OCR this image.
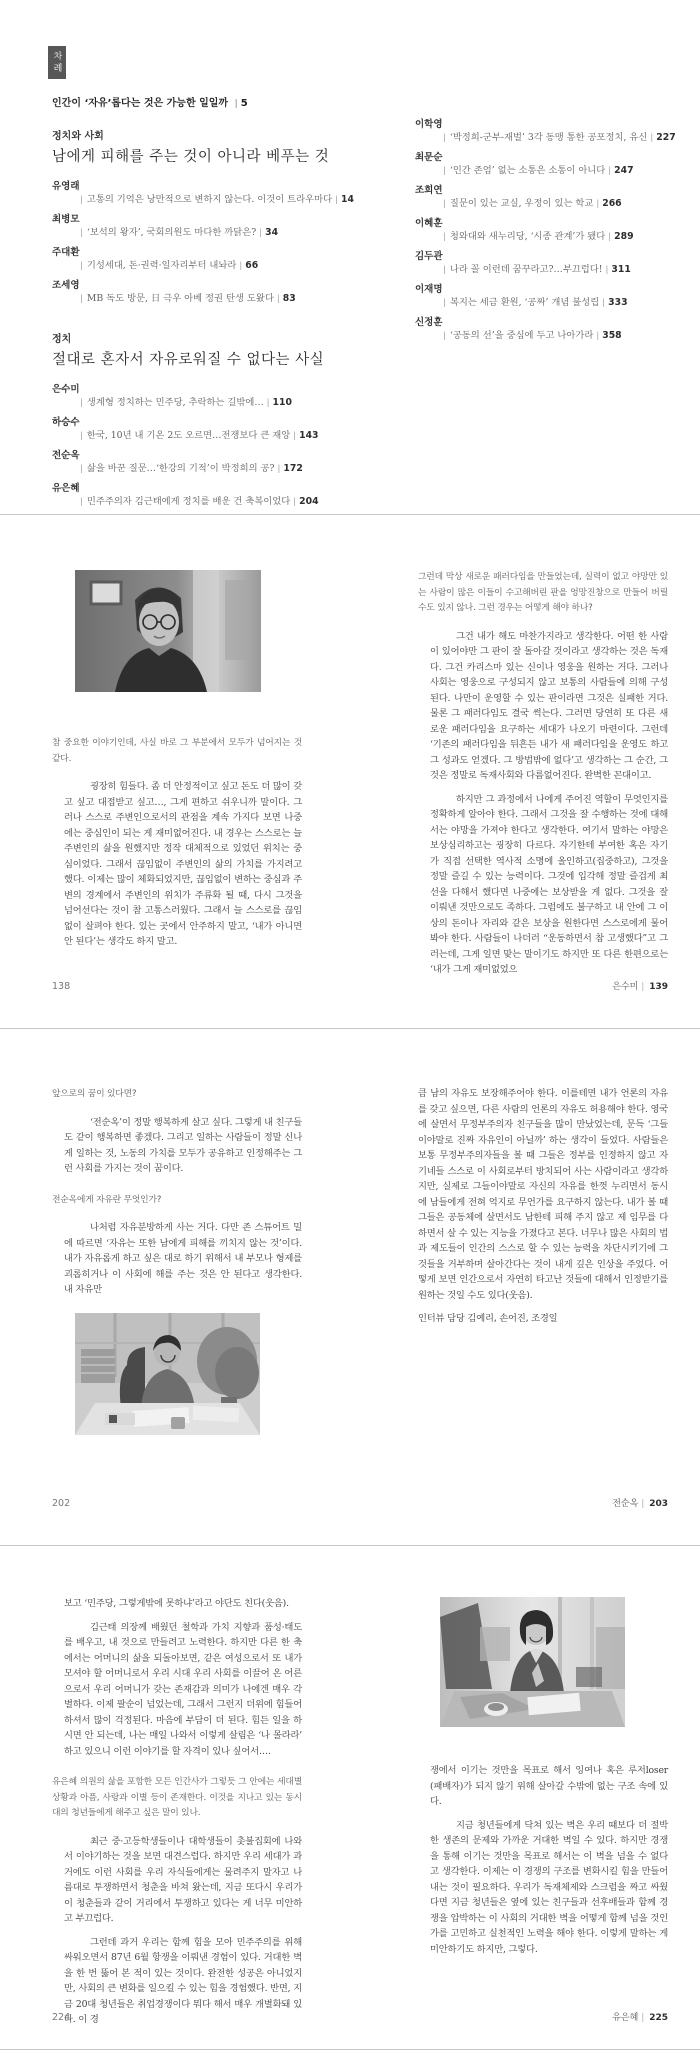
차례

인간이 ‘자유’롭다는 것은 가능한 일일까 | 5

정치와 사회

남에게 피해를 주는 것이 아니라 베푸는 것
유영래
| 고통의 기억은 낭만적으로 변하지 않는다. 이것이 트라우마다 | 14
최병모
| ‘보석의 왕자’, 국회의원도 마다한 까닭은? | 34
주대환
| 기성세대, 돈·권력·일자리부터 내놔라 | 66
조세영
| MB 독도 방문, 日 극우 아베 정권 탄생 도왔다 | 83

정치

절대로 혼자서 자유로워질 수 없다는 사실
은수미
| 생계형 정치하는 민주당, 추락하는 길밖에… | 110
하승수
| 한국, 10년 내 기온 2도 오르면…전쟁보다 큰 재앙 | 143
전순옥
| 삶을 바꾼 질문…‘한강의 기적’이 박정희의 공? | 172
유은혜
| 민주주의자 김근태에게 정치를 배운 건 축복이었다 | 204
이학영
| ‘박정희-군부-재벌’ 3각 동맹 통한 공포정치, 유신 | 227
최문순
| ‘인간 존엄’ 없는 소통은 소통이 아니다 | 247
조희연
| 질문이 있는 교실, 우정이 있는 학교 | 266
이혜훈
| 청와대와 새누리당, ‘시종 관계’가 됐다 | 289
김두관
| 나라 꼴 이런데 꿈꾸라고?…부끄럽다! | 311
이재명
| 복지는 세금 환원, ‘공짜’ 개념 불성립 | 333
신정훈
| ‘공동의 선’을 중심에 두고 나아가라 | 358

참 중요한 이야기인데, 사실 바로 그 부분에서 모두가 넘어지는 것 같다.

굉장히 힘들다. 좀 더 안정적이고 싶고 돈도 더 많이 갖고 싶고 대접받고 싶고…, 그게 편하고 쉬우니까 말이다. 그러나 스스로 주변인으로서의 관점을 계속 가지다 보면 나중에는 중심인이 되는 게 재미없어진다. 내 경우는 스스로는 늘 주변인의 삶을 원했지만 정작 대체적으로 있었던 위치는 중심이었다. 그래서 끊임없이 주변인의 삶의 가치를 가지려고 했다. 이제는 많이 체화되었지만, 끊임없이 변하는 중심과 주변의 경계에서 주변인의 위치가 주류화 될 때, 다시 그것을 넘어선다는 것이 참 고통스러웠다. 그래서 늘 스스로를 끊임없이 살펴야 한다. 있는 곳에서 안주하지 말고, ‘내가 아니면 안 된다’는 생각도 하지 말고.

138

그런데 막상 새로운 패러다임을 만들었는데, 실력이 없고 야망만 있는 사람이 많은 이들이 수고해버린 판을 엉망진창으로 만들어 버릴 수도 있지 않나. 그런 경우는 어떻게 해야 하나?

그건 내가 해도 마찬가지라고 생각한다. 어떤 한 사람이 있어야만 그 판이 잘 돌아갈 것이라고 생각하는 것은 독재다. 그건 카리스마 있는 신이나 영웅을 원하는 거다. 그러나 사회는 영웅으로 구성되지 않고 보통의 사람들에 의해 구성된다. 나만이 운영할 수 있는 판이라면 그것은 실패한 거다. 물론 그 패러다임도 결국 썩는다. 그러면 당연히 또 다른 새로운 패러다임을 요구하는 세대가 나오기 마련이다. 그런데 ‘기존의 패러다임을 뒤흔든 내가 새 패러다임을 운영도 하고 그 성과도 얻겠다. 그 방법밖에 없다’고 생각하는 그 순간, 그것은 정말로 독재사회와 다름없어진다. 완벽한 꼰대이고.

하지만 그 과정에서 나에게 주어진 역할이 무엇인지를 정확하게 알아야 한다. 그래서 그것을 잘 수행하는 것에 대해서는 야망을 가져야 한다고 생각한다. 여기서 말하는 야망은 보상심리하고는 굉장히 다르다. 자기한테 부여한 혹은 자기가 직접 선택한 역사적 소명에 올인하고(집중하고), 그것을 정말 즐길 수 있는 능력이다. 그것에 입각해 정말 즐겁게 최선을 다해서 했다면 나중에는 보상받을 게 없다. 그것을 잘 이뤄낸 것만으로도 족하다. 그럼에도 불구하고 내 안에 그 이상의 돈이나 자리와 같은 보상을 원한다면 스스로에게 물어봐야 한다. 사람들이 나더러 “운동하면서 참 고생했다”고 그러는데, 그게 일면 맞는 말이기도 하지만 또 다른 한편으로는 ‘내가 그게 재미없었으

은수미 | 139

앞으로의 꿈이 있다면?

‘전순옥’이 정말 행복하게 살고 싶다. 그렇게 내 친구들도 같이 행복하면 좋겠다. 그리고 일하는 사람들이 정말 신나게 일하는 것, 노동의 가치를 모두가 공유하고 인정해주는 그런 사회를 가지는 것이 꿈이다.

전순옥에게 자유란 무엇인가?

나처럼 자유분방하게 사는 거다. 다만 존 스튜어트 밀에 따르면 ‘자유는 또한 남에게 피해를 끼치지 않는 것’이다. 내가 자유롭게 하고 싶은 대로 하기 위해서 내 부모나 형제를 괴롭히거나 이 사회에 해를 주는 것은 안 된다고 생각한다. 내 자유만

202

큼 남의 자유도 보장해주어야 한다. 이를테면 내가 언론의 자유를 갖고 싶으면, 다른 사람의 언론의 자유도 허용해야 한다. 영국에 살면서 무정부주의자 친구들을 많이 만났었는데, 문득 ‘그들이야말로 진짜 자유인이 아닐까’ 하는 생각이 들었다. 사람들은 보통 무정부주의자들을 볼 때 그들은 정부를 인정하지 않고 자기네들 스스로 이 사회로부터 방치되어 사는 사람이라고 생각하지만, 실제로 그들이야말로 자신의 자유를 한껏 누리면서 동시에 남들에게 전혀 억지로 무언가를 요구하지 않는다. 내가 볼 때 그들은 공동체에 살면서도 남한테 피해 주지 않고 제 임무를 다 하면서 살 수 있는 지능을 가졌다고 본다. 너무나 많은 사회의 법과 제도들이 인간의 스스로 할 수 있는 능력을 차단시키기에 그것들을 거부하며 살아간다는 것이 내게 깊은 인상을 주었다. 어떻게 보면 인간으로서 자연히 타고난 것들에 대해서 인정받기를 원하는 것일 수도 있다(웃음).

인터뷰 담당 김예리, 손어진, 조경일

전순옥 | 203

보고 ‘민주당, 그렇게밖에 못하냐’라고 야단도 친다(웃음).

김근태 의장께 배웠던 철학과 가치 지향과 품성·태도를 배우고, 내 것으로 만들려고 노력한다. 하지만 다른 한 축에서는 어머니의 삶을 되돌아보면, 같은 여성으로서 또 내가 모셔야 할 어머니로서 우리 시대 우리 사회를 이끌어 온 어른으로서 우리 어머니가 갖는 존재감과 의미가 나에겐 매우 각별하다. 이제 팔순이 넘었는데, 그래서 그런지 더위에 힘들어하셔서 많이 걱정된다. 마음에 부담이 더 된다. 힘든 일을 하시면 안 되는데, 나는 매일 나와서 이렇게 살림은 ‘나 몰라라’ 하고 있으니 이런 이야기를 할 자격이 있나 싶어서….

유은혜 의원의 삶을 포함한 모든 인간사가 그렇듯 그 안에는 세대별 상황과 아픔, 사랑과 이별 등이 존재한다. 이것을 지나고 있는 동시대의 청년들에게 해주고 싶은 말이 있나.

최근 중·고등학생들이나 대학생들이 촛불집회에 나와서 이야기하는 것을 보면 대견스럽다. 하지만 우리 세대가 과거에도 이런 사회를 우리 자식들에게는 물려주지 말자고 나름대로 투쟁하면서 청춘을 바쳐 왔는데, 지금 또다시 우리가 이 청춘들과 같이 거리에서 투쟁하고 있다는 게 너무 미안하고 부끄럽다.

그런데 과거 우리는 함께 힘을 모아 민주주의를 위해 싸워오면서 87년 6월 항쟁을 이뤄낸 경험이 있다. 거대한 벽을 한 번 뚫어 본 적이 있는 것이다. 완전한 성공은 아니었지만, 사회의 큰 변화를 일으킬 수 있는 힘을 경험했다. 반면, 지금 20대 청년들은 취업경쟁이다 뭐다 해서 매우 개별화돼 있다. 이 경

224

쟁에서 이기는 것만을 목표로 해서 잉여나 혹은 루저loser(패배자)가 되지 않기 위해 살아갈 수밖에 없는 구조 속에 있다.

지금 청년들에게 닥쳐 있는 벽은 우리 때보다 더 절박한 생존의 문제와 가까운 거대한 벽일 수 있다. 하지만 경쟁을 통해 이기는 것만을 목표로 해서는 이 벽을 넘을 수 없다고 생각한다. 이제는 이 경쟁의 구조를 변화시킬 힘을 만들어내는 것이 필요하다. 우리가 독재체제와 스크럼을 짜고 싸웠다면 지금 청년들은 옆에 있는 친구들과 선후배들과 함께 경쟁을 압박하는 이 사회의 거대한 벽을 어떻게 함께 넘을 것인가를 고민하고 실천적인 노력을 해야 한다. 이렇게 말하는 게 미안하기도 하지만, 그렇다.

유은혜 | 225
